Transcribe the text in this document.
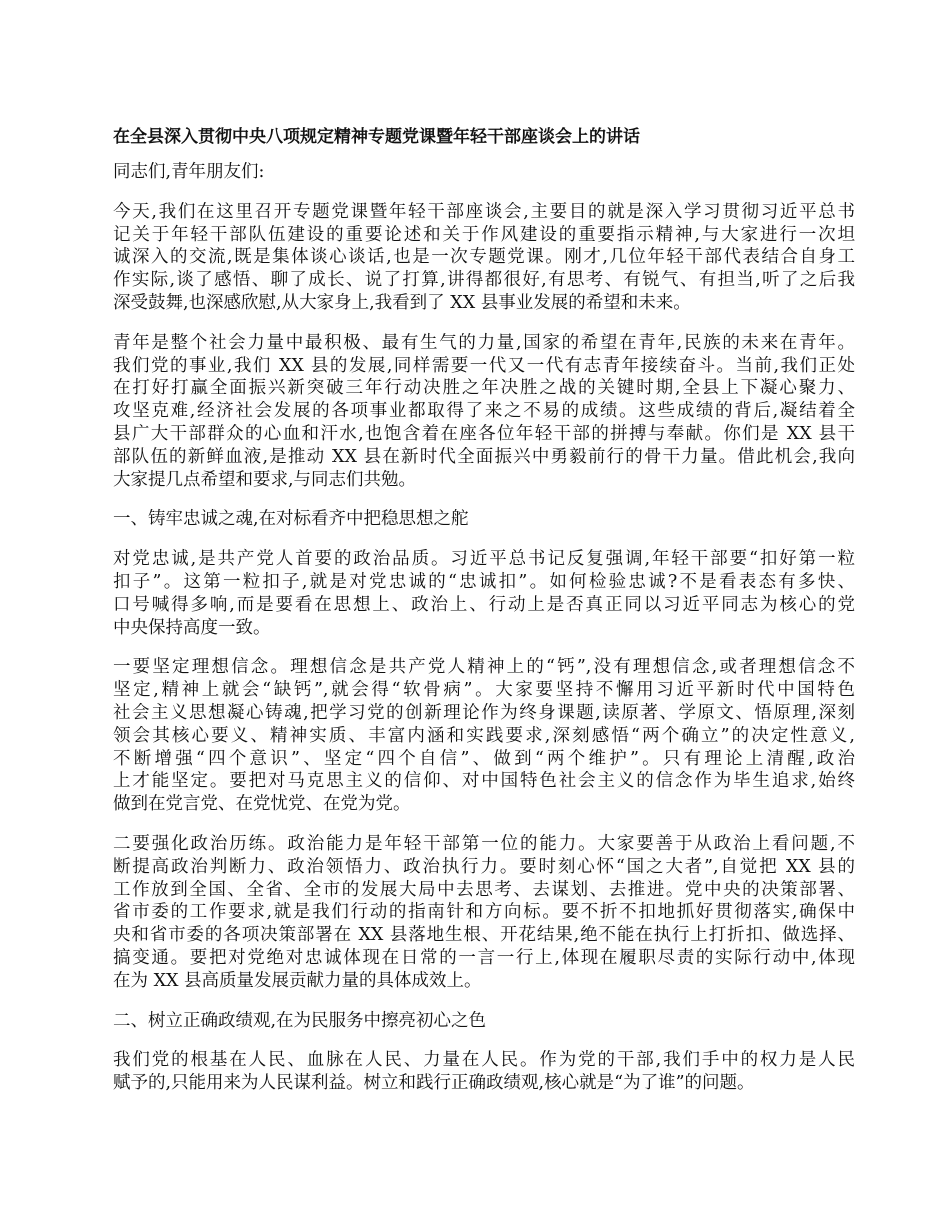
在全县深入贯彻中央八项规定精神专题党课暨年轻干部座谈会上的讲话
同志们,青年朋友们:
今天,我们在这里召开专题党课暨年轻干部座谈会,主要目的就是深入学习贯彻习近平总书
记关于年轻干部队伍建设的重要论述和关于作风建设的重要指示精神,与大家进行一次坦
诚深入的交流,既是集体谈心谈话,也是一次专题党课。刚才,几位年轻干部代表结合自身工
作实际,谈了感悟、聊了成长、说了打算,讲得都很好,有思考、有锐气、有担当,听了之后我
深受鼓舞,也深感欣慰,从大家身上,我看到了 XX 县事业发展的希望和未来。
青年是整个社会力量中最积极、最有生气的力量,国家的希望在青年,民族的未来在青年。
我们党的事业,我们 XX 县的发展,同样需要一代又一代有志青年接续奋斗。当前,我们正处
在打好打赢全面振兴新突破三年行动决胜之年决胜之战的关键时期,全县上下凝心聚力、
攻坚克难,经济社会发展的各项事业都取得了来之不易的成绩。这些成绩的背后,凝结着全
县广大干部群众的心血和汗水,也饱含着在座各位年轻干部的拼搏与奉献。你们是 XX 县干
部队伍的新鲜血液,是推动 XX 县在新时代全面振兴中勇毅前行的骨干力量。借此机会,我向
大家提几点希望和要求,与同志们共勉。
一、铸牢忠诚之魂,在对标看齐中把稳思想之舵
对党忠诚,是共产党人首要的政治品质。习近平总书记反复强调,年轻干部要“扣好第一粒
扣子”。这第一粒扣子,就是对党忠诚的“忠诚扣”。如何检验忠诚?不是看表态有多快、
口号喊得多响,而是要看在思想上、政治上、行动上是否真正同以习近平同志为核心的党
中央保持高度一致。
一要坚定理想信念。理想信念是共产党人精神上的“钙”,没有理想信念,或者理想信念不
坚定,精神上就会“缺钙”,就会得“软骨病”。大家要坚持不懈用习近平新时代中国特色
社会主义思想凝心铸魂,把学习党的创新理论作为终身课题,读原著、学原文、悟原理,深刻
领会其核心要义、精神实质、丰富内涵和实践要求,深刻感悟“两个确立”的决定性意义,
不断增强“四个意识”、坚定“四个自信”、做到“两个维护”。只有理论上清醒,政治
上才能坚定。要把对马克思主义的信仰、对中国特色社会主义的信念作为毕生追求,始终
做到在党言党、在党忧党、在党为党。
二要强化政治历练。政治能力是年轻干部第一位的能力。大家要善于从政治上看问题,不
断提高政治判断力、政治领悟力、政治执行力。要时刻心怀“国之大者”,自觉把 XX 县的
工作放到全国、全省、全市的发展大局中去思考、去谋划、去推进。党中央的决策部署、
省市委的工作要求,就是我们行动的指南针和方向标。要不折不扣地抓好贯彻落实,确保中
央和省市委的各项决策部署在 XX 县落地生根、开花结果,绝不能在执行上打折扣、做选择、
搞变通。要把对党绝对忠诚体现在日常的一言一行上,体现在履职尽责的实际行动中,体现
在为 XX 县高质量发展贡献力量的具体成效上。
二、树立正确政绩观,在为民服务中擦亮初心之色
我们党的根基在人民、血脉在人民、力量在人民。作为党的干部,我们手中的权力是人民
赋予的,只能用来为人民谋利益。树立和践行正确政绩观,核心就是“为了谁”的问题。
